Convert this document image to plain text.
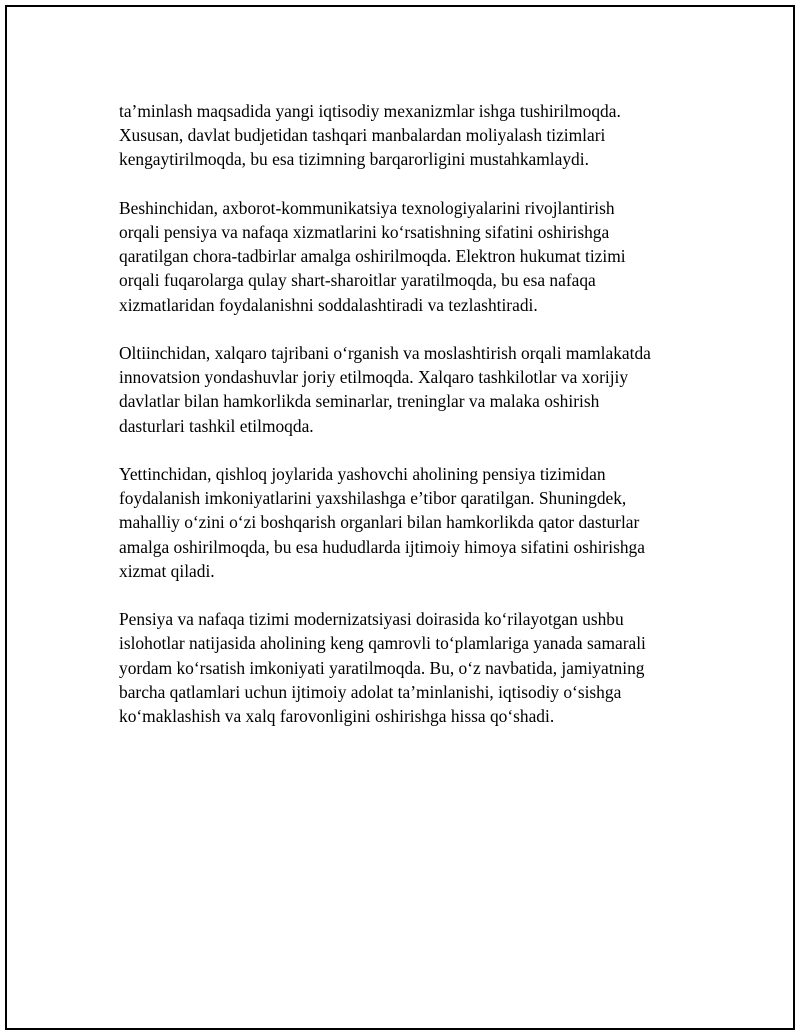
ta’minlash maqsadida yangi iqtisodiy mexanizmlar ishga tushirilmoqda.
Xususan, davlat budjetidan tashqari manbalardan moliyalash tizimlari
kengaytirilmoqda, bu esa tizimning barqarorligini mustahkamlaydi.

Beshinchidan, axborot-kommunikatsiya texnologiyalarini rivojlantirish
orqali pensiya va nafaqa xizmatlarini koʻrsatishning sifatini oshirishga
qaratilgan chora-tadbirlar amalga oshirilmoqda. Elektron hukumat tizimi
orqali fuqarolarga qulay shart-sharoitlar yaratilmoqda, bu esa nafaqa
xizmatlaridan foydalanishni soddalashtiradi va tezlashtiradi.

Oltiinchidan, xalqaro tajribani oʻrganish va moslashtirish orqali mamlakatda
innovatsion yondashuvlar joriy etilmoqda. Xalqaro tashkilotlar va xorijiy
davlatlar bilan hamkorlikda seminarlar, treninglar va malaka oshirish
dasturlari tashkil etilmoqda.

Yettinchidan, qishloq joylarida yashovchi aholining pensiya tizimidan
foydalanish imkoniyatlarini yaxshilashga e’tibor qaratilgan. Shuningdek,
mahalliy oʻzini oʻzi boshqarish organlari bilan hamkorlikda qator dasturlar
amalga oshirilmoqda, bu esa hududlarda ijtimoiy himoya sifatini oshirishga
xizmat qiladi.

Pensiya va nafaqa tizimi modernizatsiyasi doirasida koʻrilayotgan ushbu
islohotlar natijasida aholining keng qamrovli toʻplamlariga yanada samarali
yordam koʻrsatish imkoniyati yaratilmoqda. Bu, oʻz navbatida, jamiyatning
barcha qatlamlari uchun ijtimoiy adolat ta’minlanishi, iqtisodiy oʻsishga
koʻmaklashish va xalq farovonligini oshirishga hissa qoʻshadi.
